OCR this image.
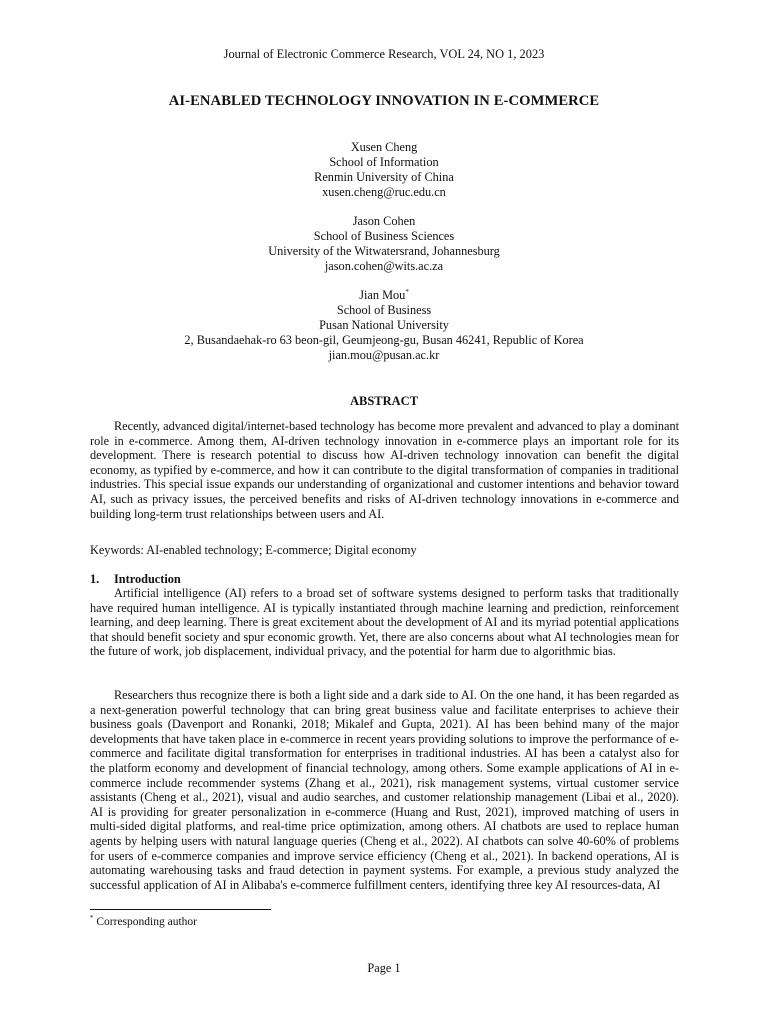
Journal of Electronic Commerce Research, VOL 24, NO 1, 2023
AI-ENABLED TECHNOLOGY INNOVATION IN E-COMMERCE
Xusen Cheng
School of Information
Renmin University of China
xusen.cheng@ruc.edu.cn
Jason Cohen
School of Business Sciences
University of the Witwatersrand, Johannesburg
jason.cohen@wits.ac.za
Jian Mou*
School of Business
Pusan National University
2, Busandaehak-ro 63 beon-gil, Geumjeong-gu, Busan 46241, Republic of Korea
jian.mou@pusan.ac.kr
ABSTRACT
Recently, advanced digital/internet-based technology has become more prevalent and advanced to play a dominant role in e-commerce. Among them, AI-driven technology innovation in e-commerce plays an important role for its development. There is research potential to discuss how AI-driven technology innovation can benefit the digital economy, as typified by e-commerce, and how it can contribute to the digital transformation of companies in traditional industries. This special issue expands our understanding of organizational and customer intentions and behavior toward AI, such as privacy issues, the perceived benefits and risks of AI-driven technology innovations in e-commerce and building long-term trust relationships between users and AI.
Keywords: AI-enabled technology; E-commerce; Digital economy
1. Introduction
Artificial intelligence (AI) refers to a broad set of software systems designed to perform tasks that traditionally have required human intelligence. AI is typically instantiated through machine learning and prediction, reinforcement learning, and deep learning. There is great excitement about the development of AI and its myriad potential applications that should benefit society and spur economic growth. Yet, there are also concerns about what AI technologies mean for the future of work, job displacement, individual privacy, and the potential for harm due to algorithmic bias.
Researchers thus recognize there is both a light side and a dark side to AI. On the one hand, it has been regarded as a next-generation powerful technology that can bring great business value and facilitate enterprises to achieve their business goals (Davenport and Ronanki, 2018; Mikalef and Gupta, 2021). AI has been behind many of the major developments that have taken place in e-commerce in recent years providing solutions to improve the performance of e-commerce and facilitate digital transformation for enterprises in traditional industries. AI has been a catalyst also for the platform economy and development of financial technology, among others. Some example applications of AI in e-commerce include recommender systems (Zhang et al., 2021), risk management systems, virtual customer service assistants (Cheng et al., 2021), visual and audio searches, and customer relationship management (Libai et al., 2020). AI is providing for greater personalization in e-commerce (Huang and Rust, 2021), improved matching of users in multi-sided digital platforms, and real-time price optimization, among others. AI chatbots are used to replace human agents by helping users with natural language queries (Cheng et al., 2022). AI chatbots can solve 40-60% of problems for users of e-commerce companies and improve service efficiency (Cheng et al., 2021). In backend operations, AI is automating warehousing tasks and fraud detection in payment systems. For example, a previous study analyzed the successful application of AI in Alibaba's e-commerce fulfillment centers, identifying three key AI resources-data, AI
* Corresponding author
Page 1
